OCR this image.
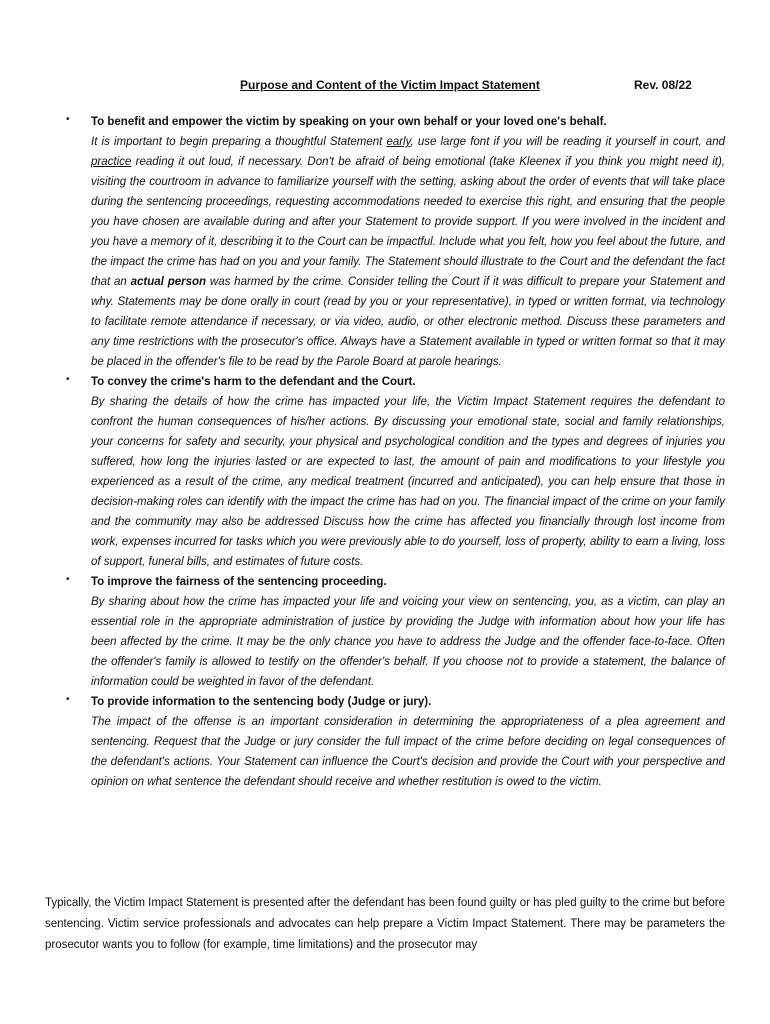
Purpose and Content of the Victim Impact Statement	Rev. 08/22
• To benefit and empower the victim by speaking on your own behalf or your loved one's behalf.
It is important to begin preparing a thoughtful Statement early, use large font if you will be reading it yourself in court, and practice reading it out loud, if necessary. Don't be afraid of being emotional (take Kleenex if you think you might need it), visiting the courtroom in advance to familiarize yourself with the setting, asking about the order of events that will take place during the sentencing proceedings, requesting accommodations needed to exercise this right, and ensuring that the people you have chosen are available during and after your Statement to provide support. If you were involved in the incident and you have a memory of it, describing it to the Court can be impactful. Include what you felt, how you feel about the future, and the impact the crime has had on you and your family. The Statement should illustrate to the Court and the defendant the fact that an actual person was harmed by the crime. Consider telling the Court if it was difficult to prepare your Statement and why. Statements may be done orally in court (read by you or your representative), in typed or written format, via technology to facilitate remote attendance if necessary, or via video, audio, or other electronic method. Discuss these parameters and any time restrictions with the prosecutor's office. Always have a Statement available in typed or written format so that it may be placed in the offender's file to be read by the Parole Board at parole hearings.
• To convey the crime's harm to the defendant and the Court.
By sharing the details of how the crime has impacted your life, the Victim Impact Statement requires the defendant to confront the human consequences of his/her actions. By discussing your emotional state, social and family relationships, your concerns for safety and security, your physical and psychological condition and the types and degrees of injuries you suffered, how long the injuries lasted or are expected to last, the amount of pain and modifications to your lifestyle you experienced as a result of the crime, any medical treatment (incurred and anticipated), you can help ensure that those in decision-making roles can identify with the impact the crime has had on you. The financial impact of the crime on your family and the community may also be addressed Discuss how the crime has affected you financially through lost income from work, expenses incurred for tasks which you were previously able to do yourself, loss of property, ability to earn a living, loss of support, funeral bills, and estimates of future costs.
• To improve the fairness of the sentencing proceeding.
By sharing about how the crime has impacted your life and voicing your view on sentencing, you, as a victim, can play an essential role in the appropriate administration of justice by providing the Judge with information about how your life has been affected by the crime. It may be the only chance you have to address the Judge and the offender face-to-face. Often the offender's family is allowed to testify on the offender's behalf. If you choose not to provide a statement, the balance of information could be weighted in favor of the defendant.
• To provide information to the sentencing body (Judge or jury).
The impact of the offense is an important consideration in determining the appropriateness of a plea agreement and sentencing. Request that the Judge or jury consider the full impact of the crime before deciding on legal consequences of the defendant's actions. Your Statement can influence the Court's decision and provide the Court with your perspective and opinion on what sentence the defendant should receive and whether restitution is owed to the victim.

Typically, the Victim Impact Statement is presented after the defendant has been found guilty or has pled guilty to the crime but before sentencing. Victim service professionals and advocates can help prepare a Victim Impact Statement. There may be parameters the prosecutor wants you to follow (for example, time limitations) and the prosecutor may
